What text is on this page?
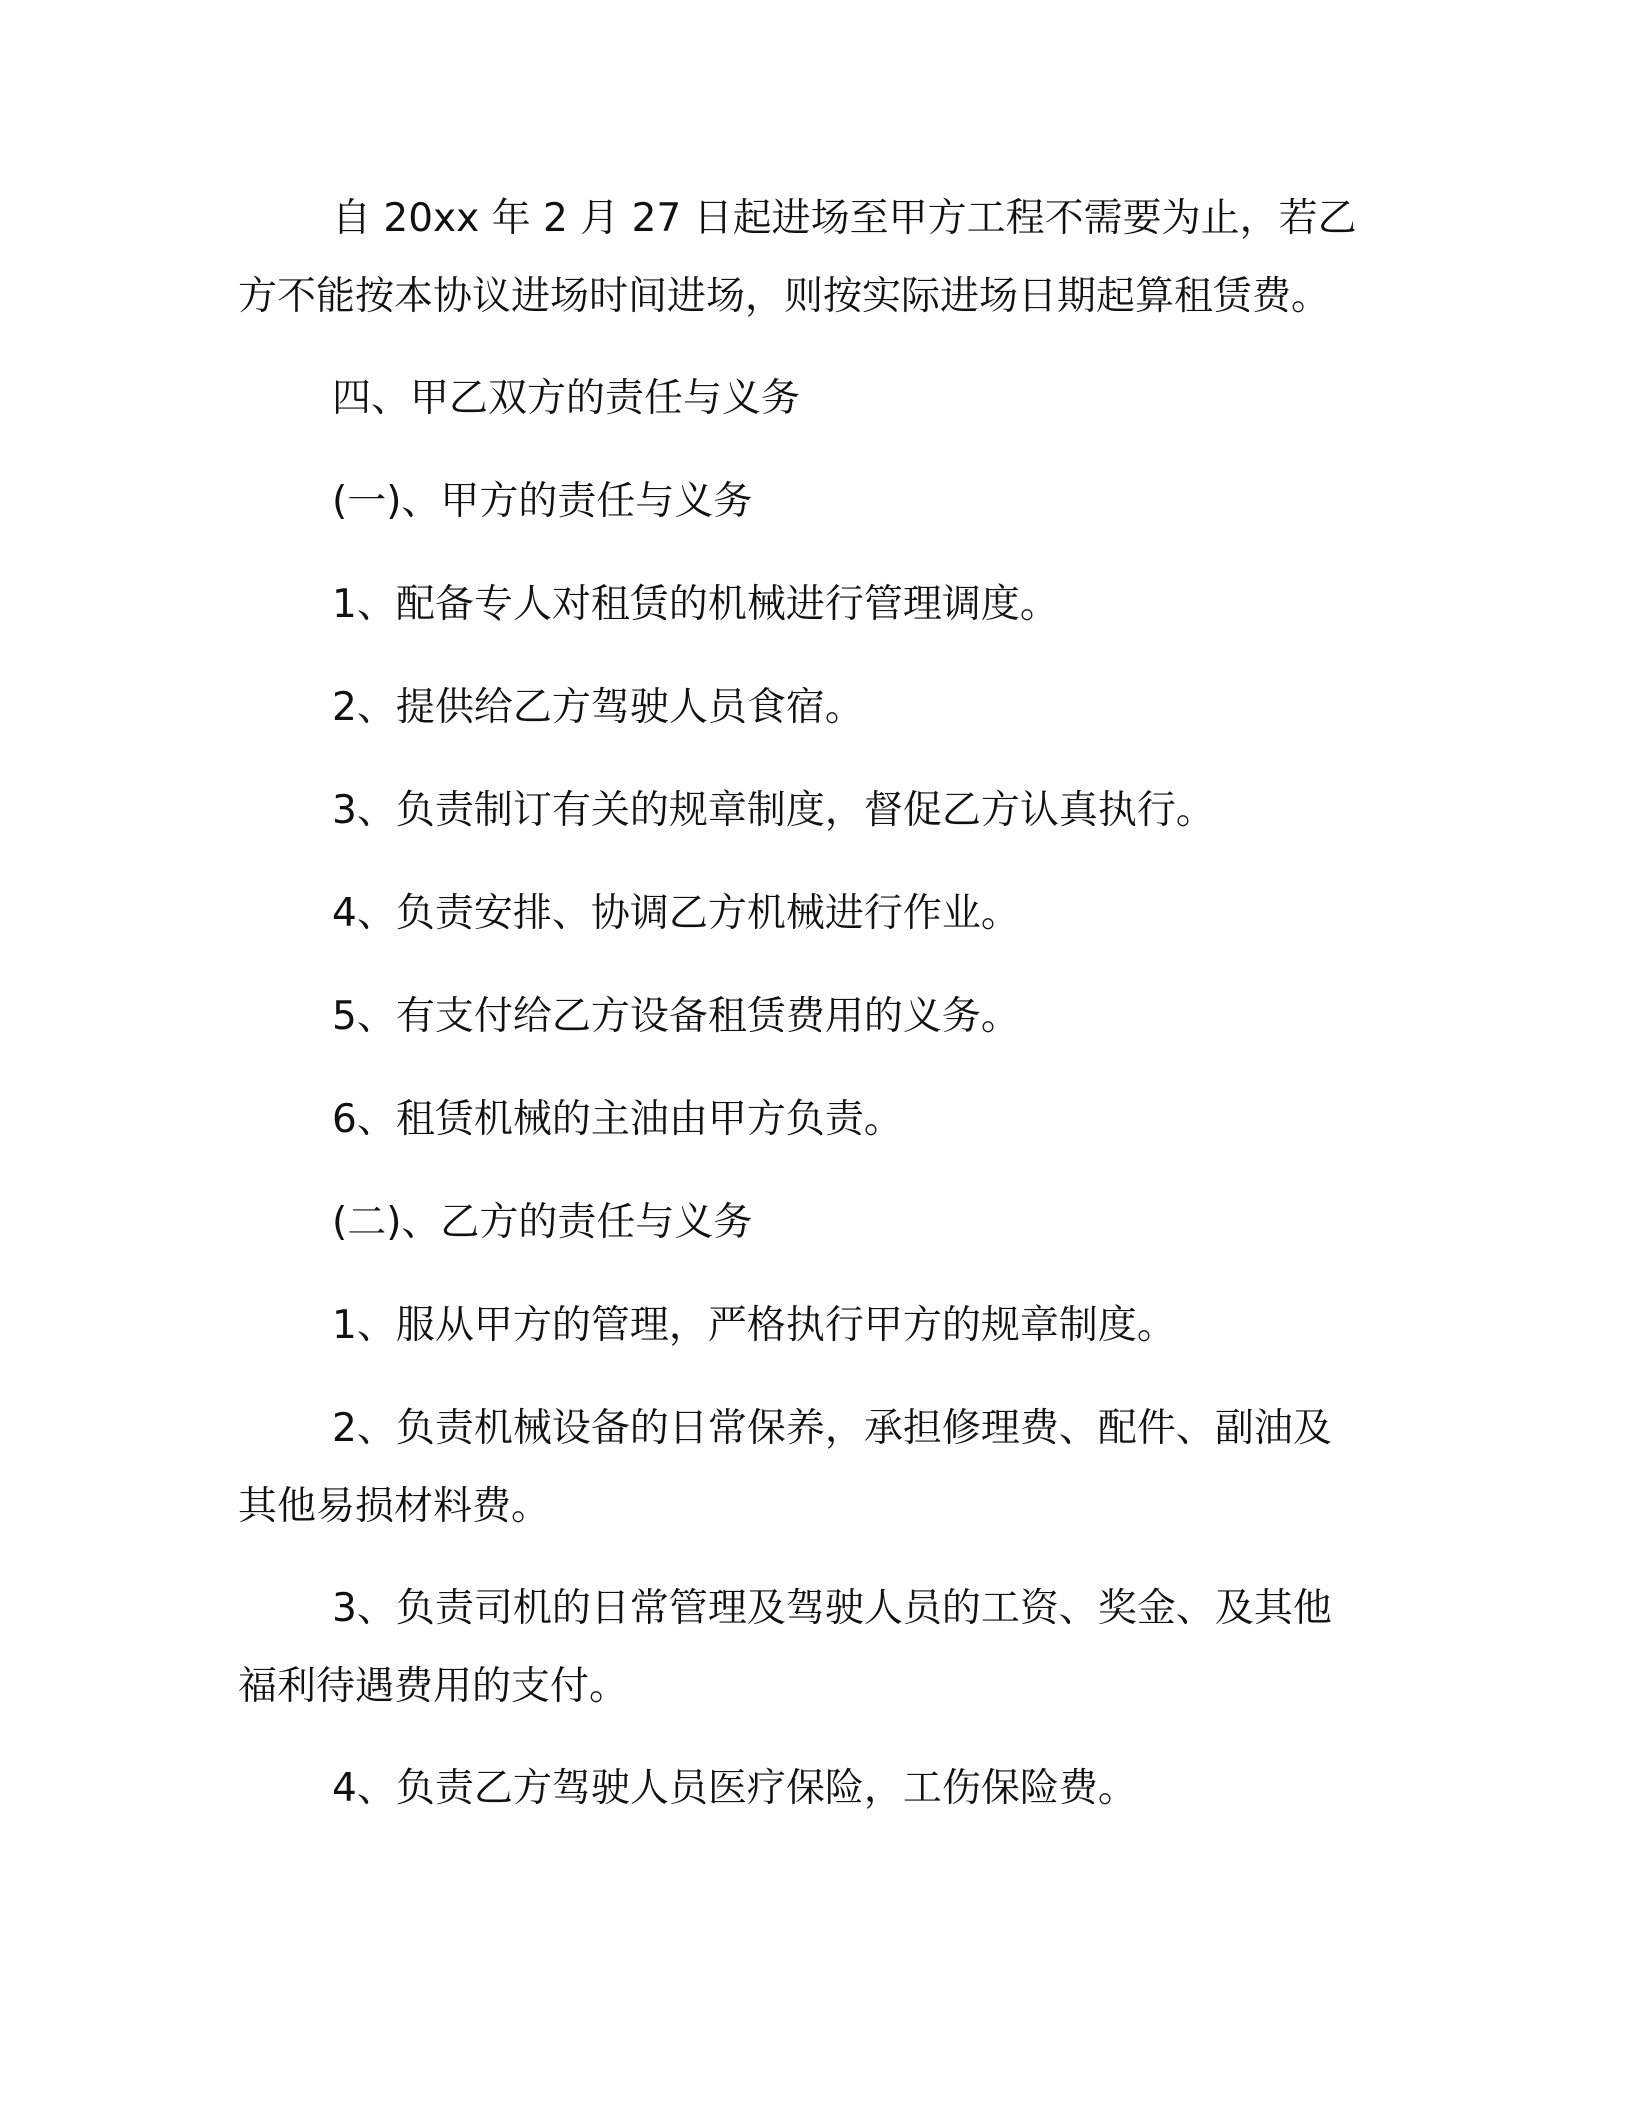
自 20xx 年 2 月 27 日起进场至甲方工程不需要为止，若乙方不能按本协议进场时间进场，则按实际进场日期起算租赁费。

四、甲乙双方的责任与义务

(一)、甲方的责任与义务

1、配备专人对租赁的机械进行管理调度。

2、提供给乙方驾驶人员食宿。

3、负责制订有关的规章制度，督促乙方认真执行。

4、负责安排、协调乙方机械进行作业。

5、有支付给乙方设备租赁费用的义务。

6、租赁机械的主油由甲方负责。

(二)、乙方的责任与义务

1、服从甲方的管理，严格执行甲方的规章制度。

2、负责机械设备的日常保养，承担修理费、配件、副油及其他易损材料费。

3、负责司机的日常管理及驾驶人员的工资、奖金、及其他福利待遇费用的支付。

4、负责乙方驾驶人员医疗保险，工伤保险费。
